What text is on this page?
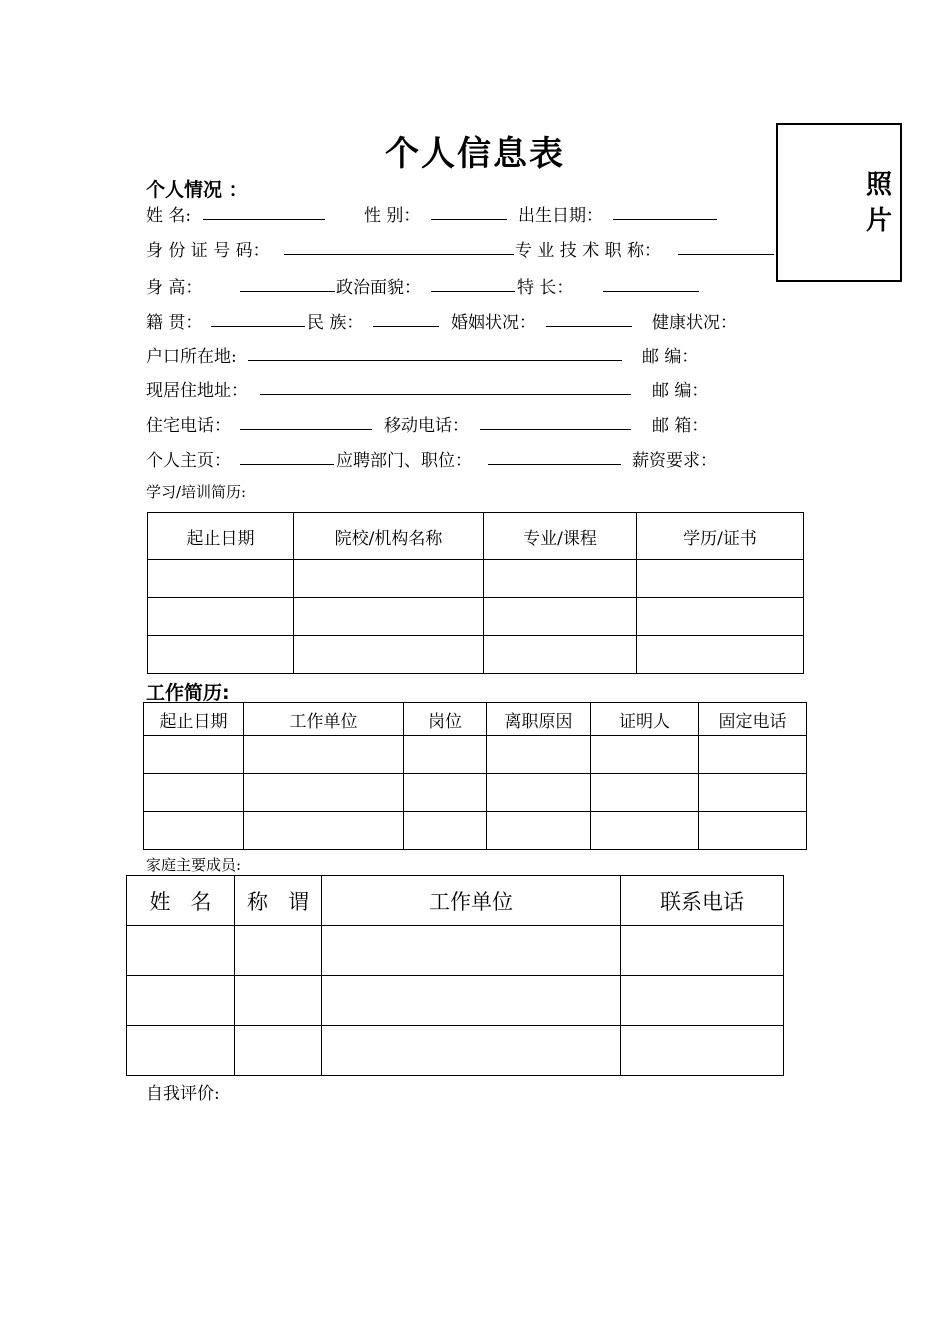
个人信息表
照
片
个人情况 ：
姓 名:	性 别：	出生日期：
身 份 证 号 码：	专 业 技 术 职 称：
身 高：	政治面貌：	特 长：
籍 贯：	民 族：	婚姻状况：	健康状况：
户口所在地:	邮 编：
现居住地址：	邮 编：
住宅电话：	移动电话：	邮 箱：
个人主页：	应聘部门、职位：	薪资要求：
学习/培训简历:
起止日期	院校/机构名称	专业/课程	学历/证书

工作简历:
起止日期	工作单位	岗位	离职原因	证明人	固定电话

家庭主要成员:
姓   名	称   谓	工作单位	联系电话

自我评价:
